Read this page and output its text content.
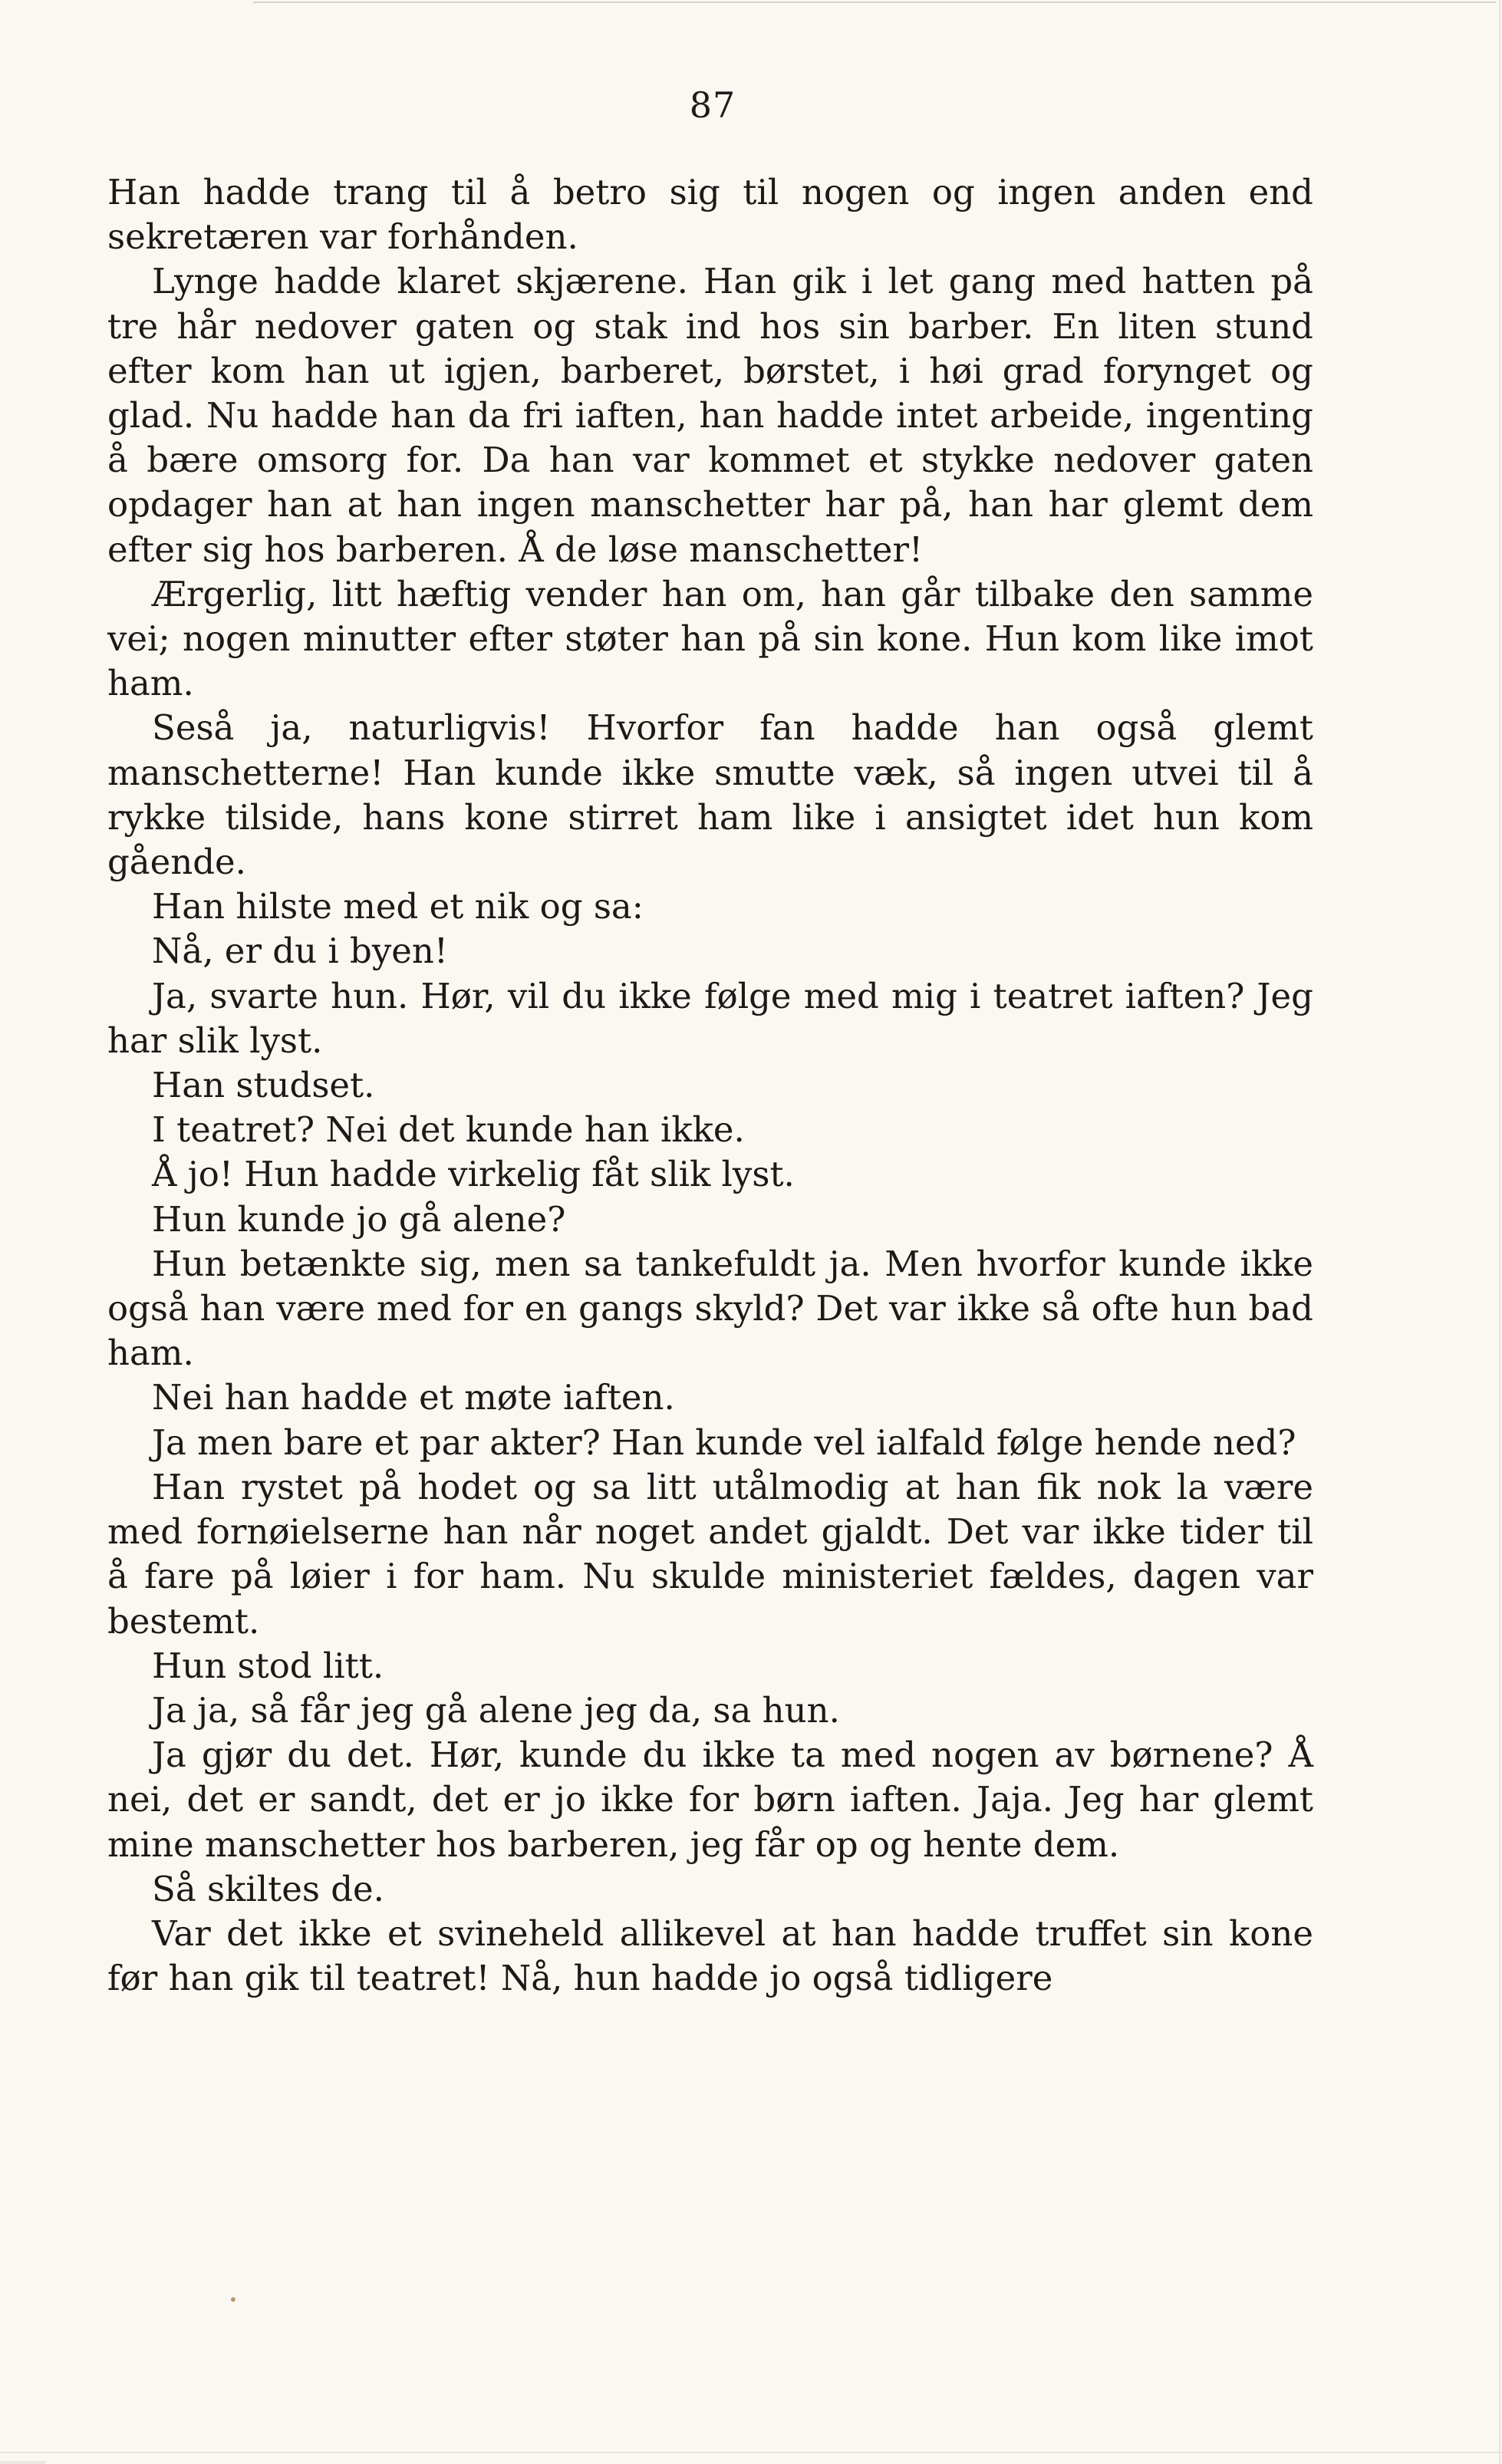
87

Han hadde trang til å betro sig til nogen og ingen anden end sekretæren var forhånden.

Lynge hadde klaret skjærene. Han gik i let gang med hatten på tre hår nedover gaten og stak ind hos sin barber. En liten stund efter kom han ut igjen, barberet, børstet, i høi grad forynget og glad. Nu hadde han da fri iaften, han hadde intet arbeide, ingenting å bære omsorg for. Da han var kommet et stykke nedover gaten opdager han at han ingen manschetter har på, han har glemt dem efter sig hos barberen. Å de løse manschetter!

Ærgerlig, litt hæftig vender han om, han går tilbake den samme vei; nogen minutter efter støter han på sin kone. Hun kom like imot ham.

Seså ja, naturligvis! Hvorfor fan hadde han også glemt manschetterne! Han kunde ikke smutte væk, så ingen utvei til å rykke tilside, hans kone stirret ham like i ansigtet idet hun kom gående.

Han hilste med et nik og sa:

Nå, er du i byen!

Ja, svarte hun. Hør, vil du ikke følge med mig i teatret iaften? Jeg har slik lyst.

Han studset.

I teatret? Nei det kunde han ikke.

Å jo! Hun hadde virkelig fåt slik lyst.

Hun kunde jo gå alene?

Hun betænkte sig, men sa tankefuldt ja. Men hvorfor kunde ikke også han være med for en gangs skyld? Det var ikke så ofte hun bad ham.

Nei han hadde et møte iaften.

Ja men bare et par akter? Han kunde vel ialfald følge hende ned?

Han rystet på hodet og sa litt utålmodig at han fik nok la være med fornøielserne han når noget andet gjaldt. Det var ikke tider til å fare på løier i for ham. Nu skulde ministeriet fældes, dagen var bestemt.

Hun stod litt.

Ja ja, så får jeg gå alene jeg da, sa hun.

Ja gjør du det. Hør, kunde du ikke ta med nogen av børnene? Å nei, det er sandt, det er jo ikke for børn iaften. Jaja. Jeg har glemt mine manschetter hos barberen, jeg får op og hente dem.

Så skiltes de.

Var det ikke et svineheld allikevel at han hadde truffet sin kone før han gik til teatret! Nå, hun hadde jo også tidligere

•
